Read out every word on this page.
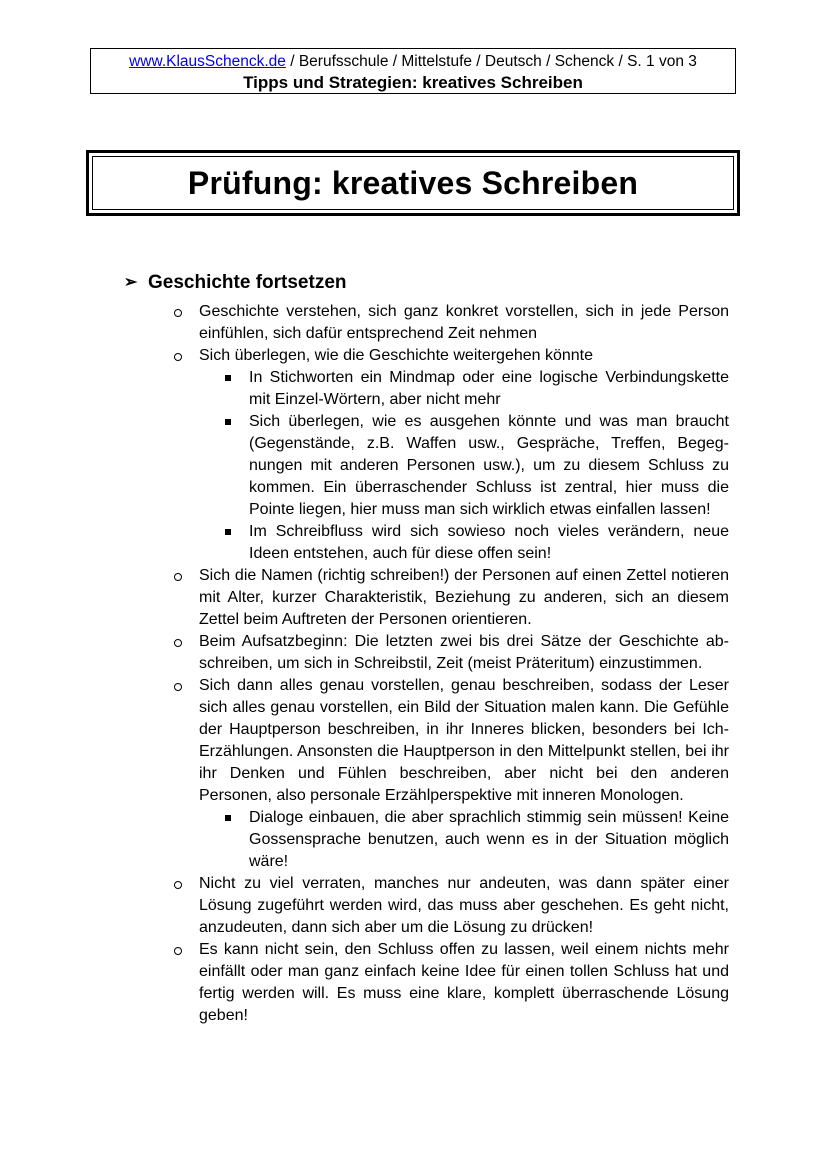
www.KlausSchenck.de / Berufsschule / Mittelstufe / Deutsch / Schenck / S. 1 von 3
Tipps und Strategien: kreatives Schreiben
Prüfung: kreatives Schreiben
➢ Geschichte fortsetzen
Geschichte verstehen, sich ganz konkret vorstellen, sich in jede Person einfühlen, sich dafür entsprechend Zeit nehmen
Sich überlegen, wie die Geschichte weitergehen könnte
In Stichworten ein Mindmap oder eine logische Verbindungskette mit Einzel-Wörtern, aber nicht mehr
Sich überlegen, wie es ausgehen könnte und was man braucht (Gegenstände, z.B. Waffen usw., Gespräche, Treffen, Begegnungen mit anderen Personen usw.), um zu diesem Schluss zu kommen. Ein überraschender Schluss ist zentral, hier muss die Pointe liegen, hier muss man sich wirklich etwas einfallen lassen!
Im Schreibfluss wird sich sowieso noch vieles verändern, neue Ideen entstehen, auch für diese offen sein!
Sich die Namen (richtig schreiben!) der Personen auf einen Zettel notieren mit Alter, kurzer Charakteristik, Beziehung zu anderen, sich an diesem Zettel beim Auftreten der Personen orientieren.
Beim Aufsatzbeginn: Die letzten zwei bis drei Sätze der Geschichte abschreiben, um sich in Schreibstil, Zeit (meist Präteritum) einzustimmen.
Sich dann alles genau vorstellen, genau beschreiben, sodass der Leser sich alles genau vorstellen, ein Bild der Situation malen kann. Die Gefühle der Hauptperson beschreiben, in ihr Inneres blicken, besonders bei Ich-Erzählungen. Ansonsten die Hauptperson in den Mittelpunkt stellen, bei ihr ihr Denken und Fühlen beschreiben, aber nicht bei den anderen Personen, also personale Erzählperspektive mit inneren Monologen.
Dialoge einbauen, die aber sprachlich stimmig sein müssen! Keine Gossensprache benutzen, auch wenn es in der Situation möglich wäre!
Nicht zu viel verraten, manches nur andeuten, was dann später einer Lösung zugeführt werden wird, das muss aber geschehen. Es geht nicht, anzudeuten, dann sich aber um die Lösung zu drücken!
Es kann nicht sein, den Schluss offen zu lassen, weil einem nichts mehr einfällt oder man ganz einfach keine Idee für einen tollen Schluss hat und fertig werden will. Es muss eine klare, komplett überraschende Lösung geben!
